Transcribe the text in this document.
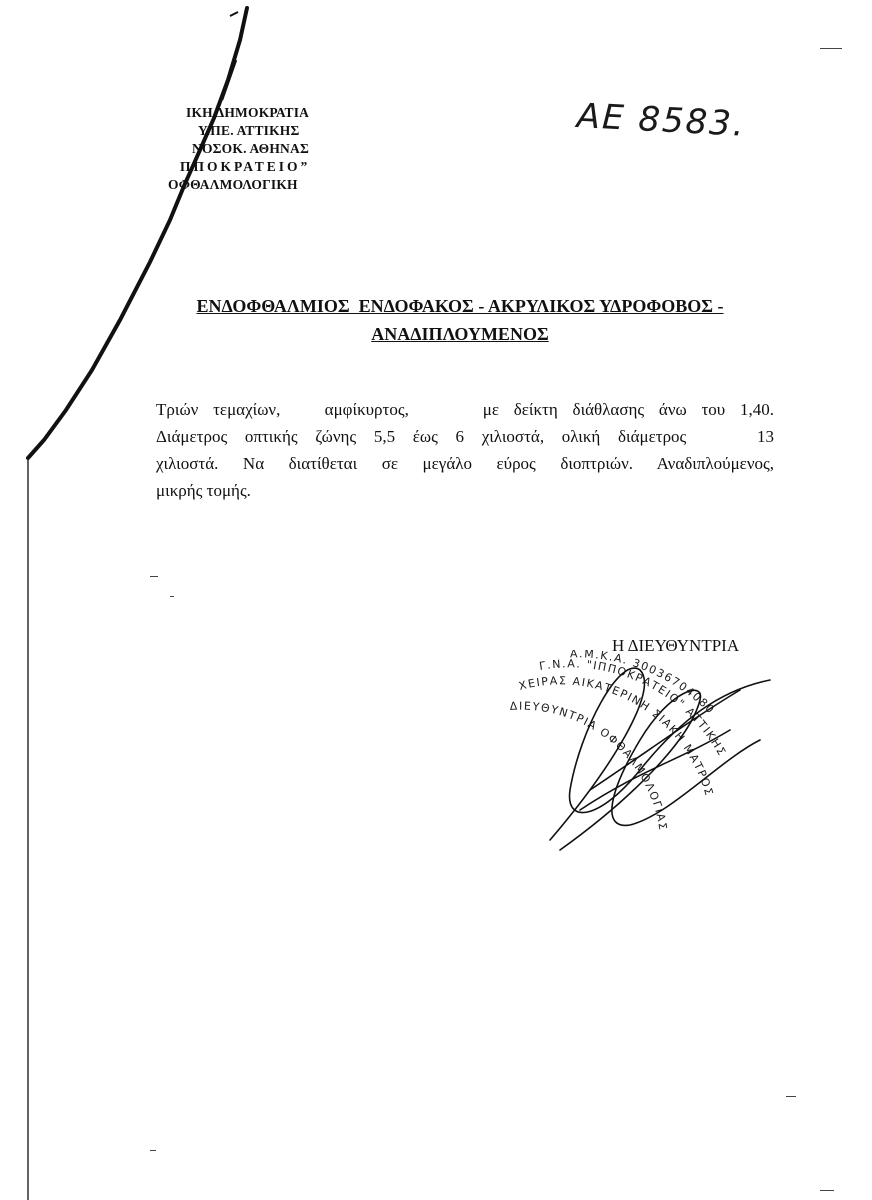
ΙΚΗ ΔΗΜΟΚΡΑΤΙΑ
Υ.ΠΕ. ΑΤΤΙΚΗΣ
ΝΟΣΟΚ. ΑΘΗΝΑΣ
ΠΠΟΚΡΑΤΕΙΟ”
ΟΦΘΑΛΜΟΛΟΓΙΚΗ
ΑΕ 8583.
ΕΝΔΟΦΘΑΛΜΙΟΣ  ΕΝΔΟΦΑΚΟΣ - ΑΚΡΥΛΙΚΟΣ ΥΔΡΟΦΟΒΟΣ -
ΑΝΑΔΙΠΛΟΥΜΕΝΟΣ
Τριών τεμαχίων,   αμφίκυρτος,     με δείκτη διάθλασης άνω του 1,40.
Διάμετρος οπτικής ζώνης 5,5 έως 6 χιλιοστά, ολική διάμετρος    13
χιλιοστά. Να διατίθεται σε μεγάλο εύρος διοπτριών. Αναδιπλούμενος,
μικρής τομής.
Η ΔΙΕΥΘΥΝΤΡΙΑ
Γ.Ν.Α. "ΙΠΠΟΚΡΑΤΕΙΟ" ΑΤΤΙΚΗΣ
ΧΕΙΡΑΣ ΑΙΚΑΤΕΡΙΝΗ ΣΙΑΚΗ ΜΑΤΡΟΣ
ΔΙΕΥΘΥΝΤΡΙΑ ΟΦΘΑΛΜΟΛΟΓΙΑΣ
Α.Μ.Κ.Α. 30036704080
